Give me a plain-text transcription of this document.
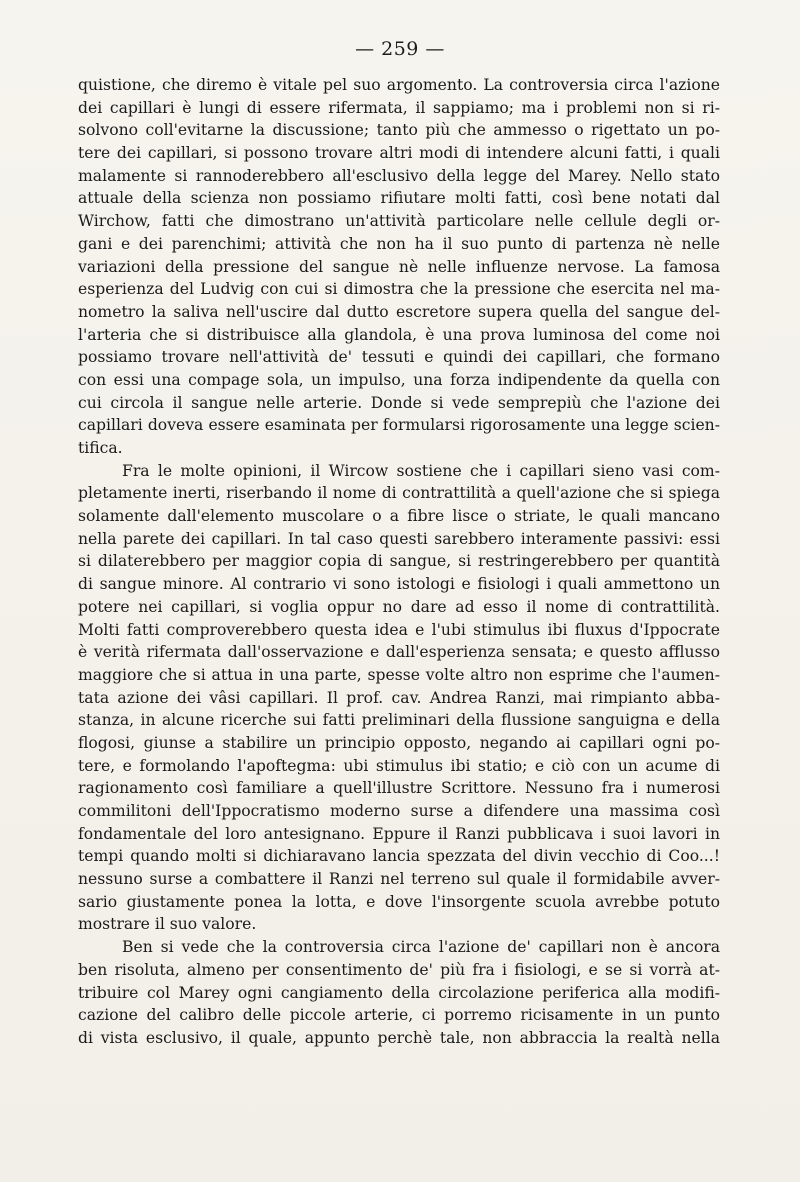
— 259 —
quistione, che diremo è vitale pel suo argomento. La controversia circa l'azione
dei capillari è lungi di essere rifermata, il sappiamo; ma i problemi non si ri-
solvono coll'evitarne la discussione; tanto più che ammesso o rigettato un po-
tere dei capillari, si possono trovare altri modi di intendere alcuni fatti, i quali
malamente si rannoderebbero all'esclusivo della legge del Marey. Nello stato
attuale della scienza non possiamo rifiutare molti fatti, così bene notati dal
Wirchow, fatti che dimostrano un'attività particolare nelle cellule degli or-
gani e dei parenchimi; attività che non ha il suo punto di partenza nè nelle
variazioni della pressione del sangue nè nelle influenze nervose. La famosa
esperienza del Ludvig con cui si dimostra che la pressione che esercita nel ma-
nometro la saliva nell'uscire dal dutto escretore supera quella del sangue del-
l'arteria che si distribuisce alla glandola, è una prova luminosa del come noi
possiamo trovare nell'attività de' tessuti e quindi dei capillari, che formano
con essi una compage sola, un impulso, una forza indipendente da quella con
cui circola il sangue nelle arterie. Donde si vede semprepiù che l'azione dei
capillari doveva essere esaminata per formularsi rigorosamente una legge scien-
tifica.
Fra le molte opinioni, il Wircow sostiene che i capillari sieno vasi com-
pletamente inerti, riserbando il nome di contrattilità a quell'azione che si spiega
solamente dall'elemento muscolare o a fibre lisce o striate, le quali mancano
nella parete dei capillari. In tal caso questi sarebbero interamente passivi: essi
si dilaterebbero per maggior copia di sangue, si restringerebbero per quantità
di sangue minore. Al contrario vi sono istologi e fisiologi i quali ammettono un
potere nei capillari, si voglia oppur no dare ad esso il nome di contrattilità.
Molti fatti comproverebbero questa idea e l'ubi stimulus ibi fluxus d'Ippocrate
è verità rifermata dall'osservazione e dall'esperienza sensata; e questo afflusso
maggiore che si attua in una parte, spesse volte altro non esprime che l'aumen-
tata azione dei vâsi capillari. Il prof. cav. Andrea Ranzi, mai rimpianto abba-
stanza, in alcune ricerche sui fatti preliminari della flussione sanguigna e della
flogosi, giunse a stabilire un principio opposto, negando ai capillari ogni po-
tere, e formolando l'apoftegma: ubi stimulus ibi statio; e ciò con un acume di
ragionamento così familiare a quell'illustre Scrittore. Nessuno fra i numerosi
commilitoni dell'Ippocratismo moderno surse a difendere una massima così
fondamentale del loro antesignano. Eppure il Ranzi pubblicava i suoi lavori in
tempi quando molti si dichiaravano lancia spezzata del divin vecchio di Coo...!
nessuno surse a combattere il Ranzi nel terreno sul quale il formidabile avver-
sario giustamente ponea la lotta, e dove l'insorgente scuola avrebbe potuto
mostrare il suo valore.
Ben si vede che la controversia circa l'azione de' capillari non è ancora
ben risoluta, almeno per consentimento de' più fra i fisiologi, e se si vorrà at-
tribuire col Marey ogni cangiamento della circolazione periferica alla modifi-
cazione del calibro delle piccole arterie, ci porremo ricisamente in un punto
di vista esclusivo, il quale, appunto perchè tale, non abbraccia la realtà nella
